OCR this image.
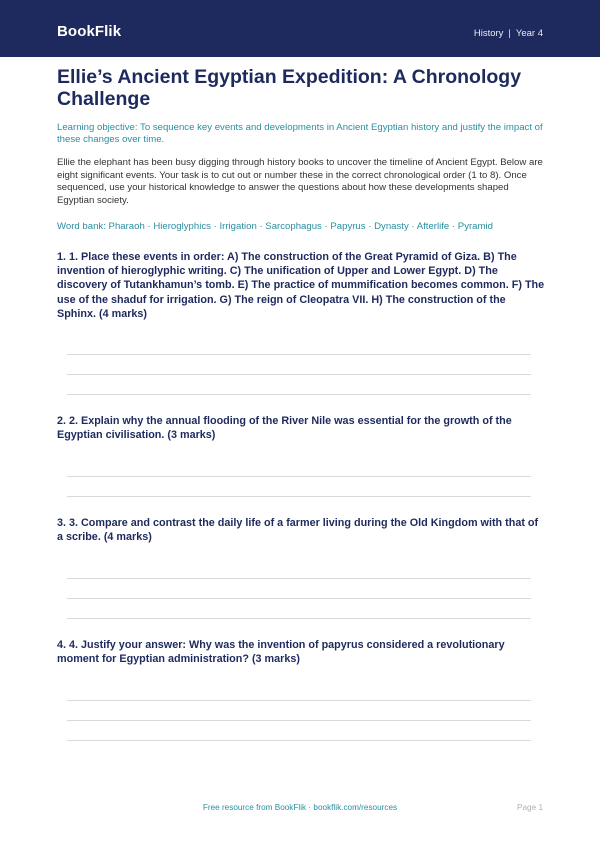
BookFlik	History | Year 4
Ellie’s Ancient Egyptian Expedition: A Chronology Challenge
Learning objective: To sequence key events and developments in Ancient Egyptian history and justify the impact of these changes over time.
Ellie the elephant has been busy digging through history books to uncover the timeline of Ancient Egypt. Below are eight significant events. Your task is to cut out or number these in the correct chronological order (1 to 8). Once sequenced, use your historical knowledge to answer the questions about how these developments shaped Egyptian society.
Word bank: Pharaoh · Hieroglyphics · Irrigation · Sarcophagus · Papyrus · Dynasty · Afterlife · Pyramid
1. 1. Place these events in order: A) The construction of the Great Pyramid of Giza. B) The invention of hieroglyphic writing. C) The unification of Upper and Lower Egypt. D) The discovery of Tutankhamun’s tomb. E) The practice of mummification becomes common. F) The use of the shaduf for irrigation. G) The reign of Cleopatra VII. H) The construction of the Sphinx. (4 marks)
2. 2. Explain why the annual flooding of the River Nile was essential for the growth of the Egyptian civilisation. (3 marks)
3. 3. Compare and contrast the daily life of a farmer living during the Old Kingdom with that of a scribe. (4 marks)
4. 4. Justify your answer: Why was the invention of papyrus considered a revolutionary moment for Egyptian administration? (3 marks)
Free resource from BookFlik · bookflik.com/resources	Page 1
